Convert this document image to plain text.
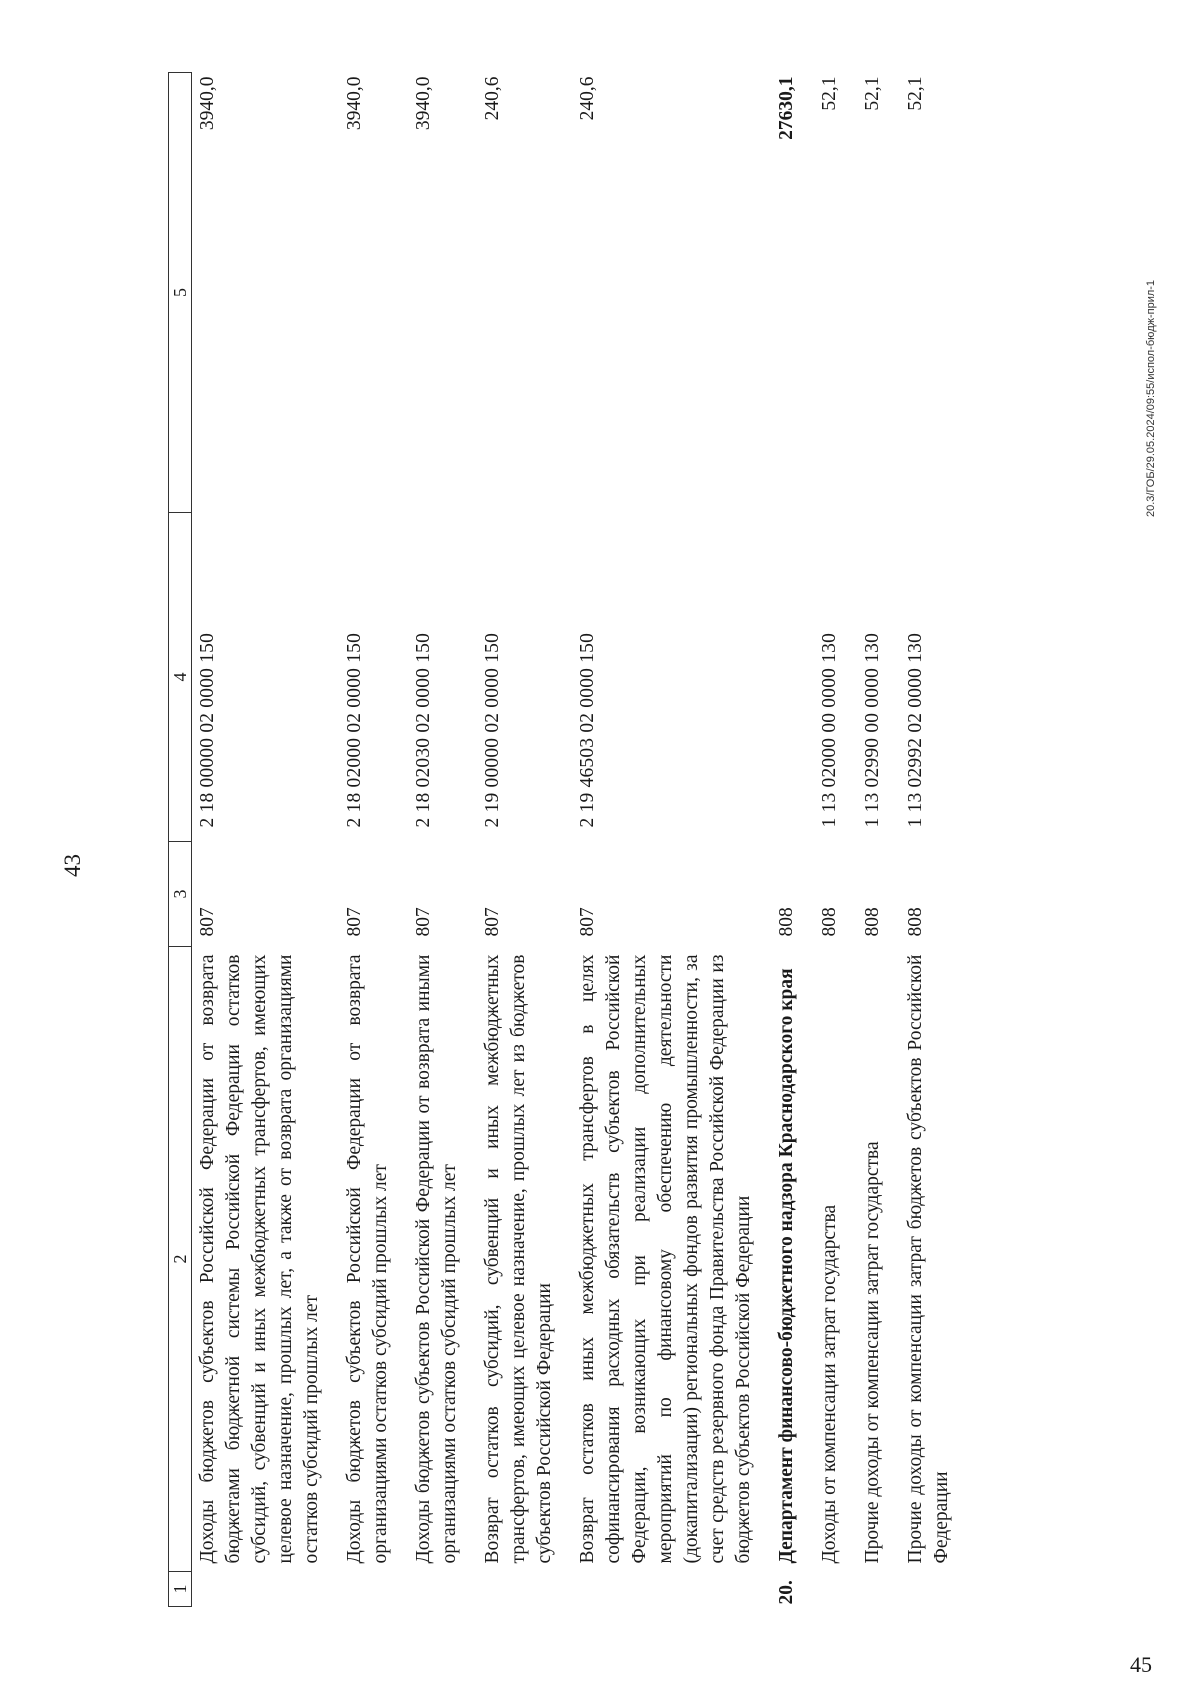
43
1	2	3	4	5
	Доходы бюджетов субъектов Российской Федерации от возврата бюджетами бюджетной системы Российской Федерации остатков субсидий, субвенций и иных межбюджетных трансфертов, имеющих целевое назначение, прошлых лет, а также от возврата организациями остатков субсидий прошлых лет	807	2 18 00000 02 0000 150	3940,0
	Доходы бюджетов субъектов Российской Федерации от возврата организациями остатков субсидий прошлых лет	807	2 18 02000 02 0000 150	3940,0
	Доходы бюджетов субъектов Российской Федерации от возврата иными организациями остатков субсидий прошлых лет	807	2 18 02030 02 0000 150	3940,0
	Возврат остатков субсидий, субвенций и иных межбюджетных трансфертов, имеющих целевое назначение, прошлых лет из бюджетов субъектов Российской Федерации	807	2 19 00000 02 0000 150	240,6
	Возврат остатков иных межбюджетных трансфертов в целях софинансирования расходных обязательств субъектов Российской Федерации, возникающих при реализации дополнительных мероприятий по финансовому обеспечению деятельности (докапитализации) региональных фондов развития промышленности, за счет средств резервного фонда Правительства Российской Федерации из бюджетов субъектов Российской Федерации	807	2 19 46503 02 0000 150	240,6
20.	Департамент финансово-бюджетного надзора Краснодарского края	808		27630,1
	Доходы от компенсации затрат государства	808	1 13 02000 00 0000 130	52,1
	Прочие доходы от компенсации затрат государства	808	1 13 02990 00 0000 130	52,1
	Прочие доходы от компенсации затрат бюджетов субъектов Российской Федерации	808	1 13 02992 02 0000 130	52,1
20.3/ГОБ/29.05.2024/09:55/испол-бюдж-прил-1
45
